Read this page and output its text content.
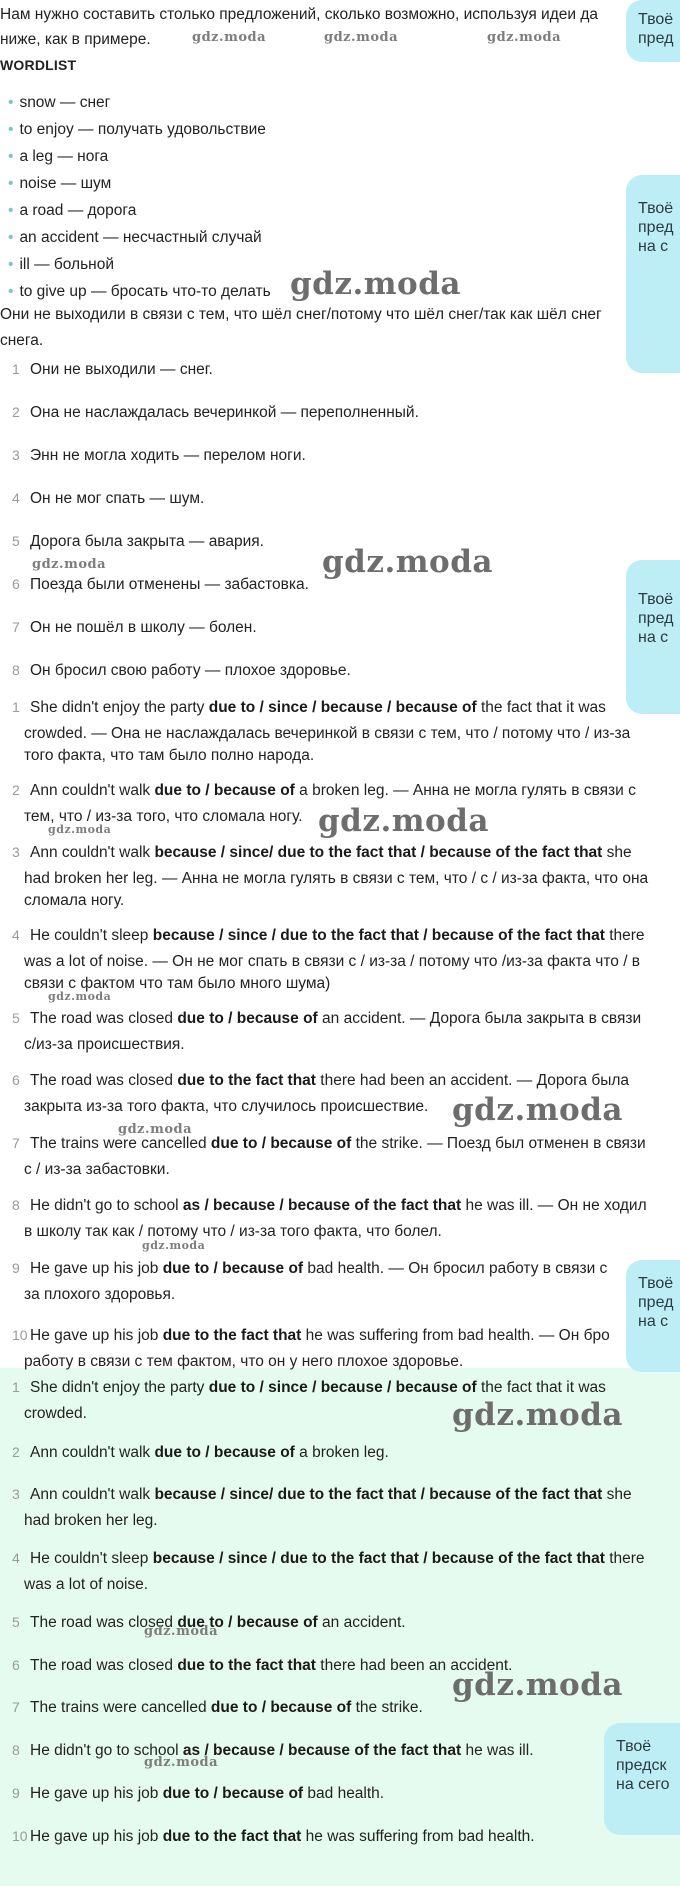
Нам нужно составить столько предложений, сколько возможно, используя идеи да
ниже, как в примере.
WORDLIST
• snow — снег
• to enjoy — получать удовольствие
• a leg — нога
• noise — шум
• a road — дорога
• an accident — несчастный случай
• ill — больной
• to give up — бросать что-то делать
Они не выходили в связи с тем, что шёл снег/потому что шёл снег/так как шёл снег
снега.
1 Они не выходили — снег.
2 Она не наслаждалась вечеринкой — переполненный.
3 Энн не могла ходить — перелом ноги.
4 Он не мог спать — шум.
5 Дорога была закрыта — авария.
6 Поезда были отменены — забастовка.
7 Он не пошёл в школу — болен.
8 Он бросил свою работу — плохое здоровье.
1 She didn't enjoy the party due to / since / because / because of the fact that it was
crowded. — Она не наслаждалась вечеринкой в связи с тем, что / потому что / из-за
того факта, что там было полно народа.
2 Ann couldn't walk due to / because of a broken leg. — Анна не могла гулять в связи с
тем, что / из-за того, что сломала ногу.
3 Ann couldn't walk because / since/ due to the fact that / because of the fact that she
had broken her leg. — Анна не могла гулять в связи с тем, что / с / из-за факта, что она
сломала ногу.
4 He couldn't sleep because / since / due to the fact that / because of the fact that there
was a lot of noise. — Он не мог спать в связи с / из-за / потому что /из-за факта что / в
связи с фактом что там было много шума)
5 The road was closed due to / because of an accident. — Дорога была закрыта в связи
с/из-за происшествия.
6 The road was closed due to the fact that there had been an accident. — Дорога была
закрыта из-за того факта, что случилось происшествие.
7 The trains were cancelled due to / because of the strike. — Поезд был отменен в связи
с / из-за забастовки.
8 He didn't go to school as / because / because of the fact that he was ill. — Он не ходил
в школу так как / потому что / из-за того факта, что болел.
9 He gave up his job due to / because of bad health. — Он бросил работу в связи с
за плохого здоровья.
10 He gave up his job due to the fact that he was suffering from bad health. — Он бро
работу в связи с тем фактом, что он у него плохое здоровье.
1 She didn't enjoy the party due to / since / because / because of the fact that it was
crowded.
2 Ann couldn't walk due to / because of a broken leg.
3 Ann couldn't walk because / since/ due to the fact that / because of the fact that she
had broken her leg.
4 He couldn't sleep because / since / due to the fact that / because of the fact that there
was a lot of noise.
5 The road was closed due to / because of an accident.
6 The road was closed due to the fact that there had been an accident.
7 The trains were cancelled due to / because of the strike.
8 He didn't go to school as / because / because of the fact that he was ill.
9 He gave up his job due to / because of bad health.
10 He gave up his job due to the fact that he was suffering from bad health.
gdz.moda	gdz.moda	gdz.moda
gdz.moda
gdz.moda	gdz.moda
gdz.moda
gdz.moda
gdz.moda
gdz.moda
gdz.moda
gdz.moda
gdz.moda
gdz.moda
gdz.moda
gdz.moda
Твоё
пред
Твоё
пред
на с
Твоё
пред
на с
Твоё
пред
на с
Твоё
предск
на сего
